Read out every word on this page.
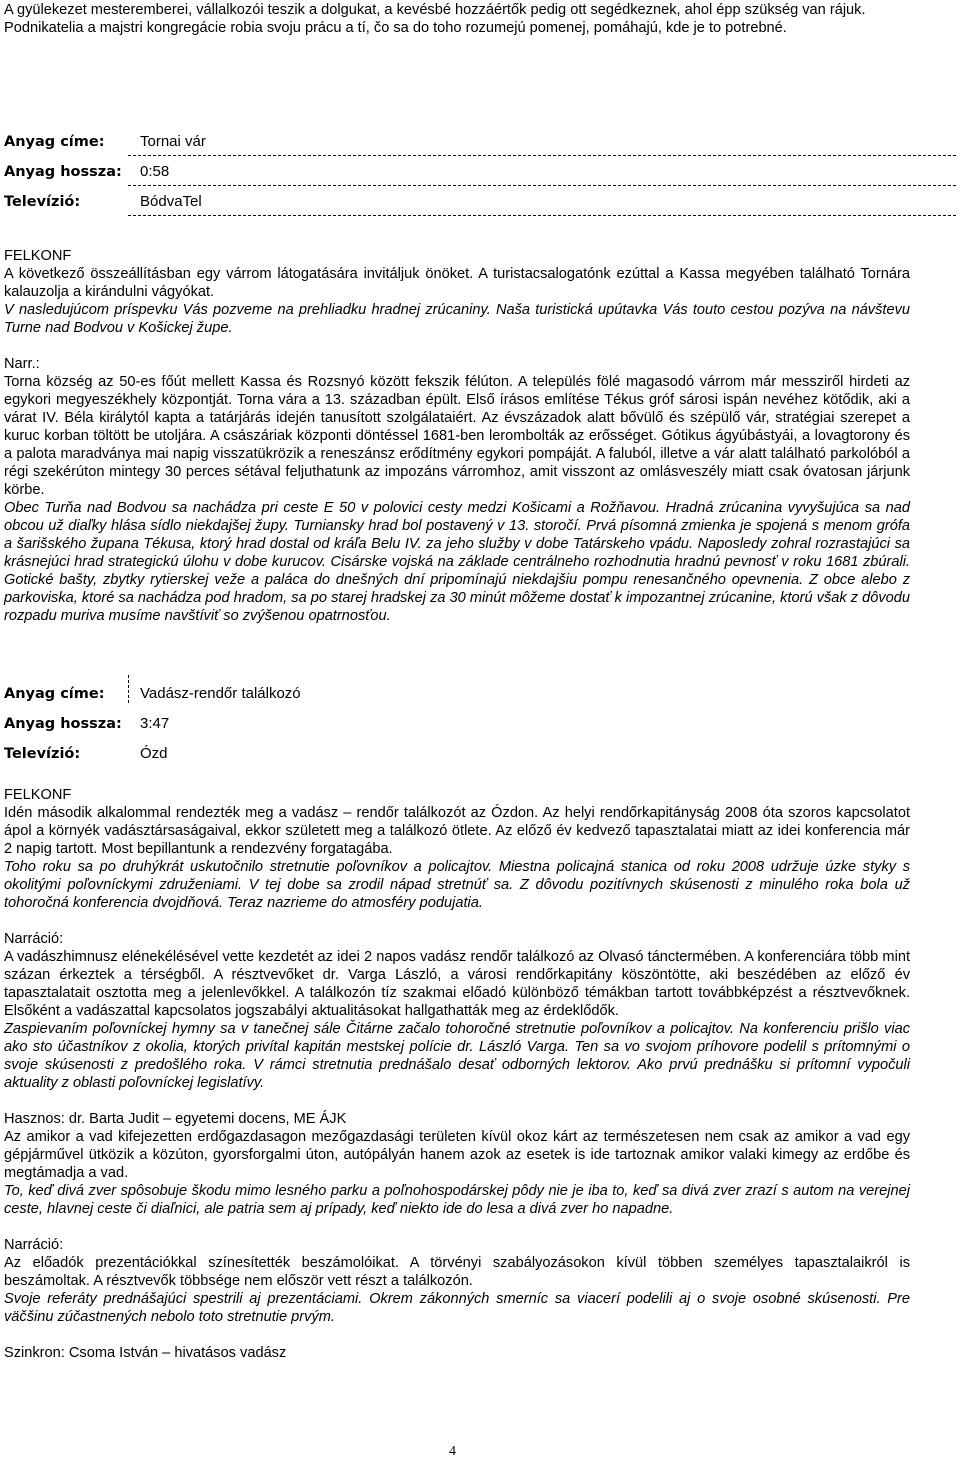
A gyülekezet mesteremberei, vállalkozói teszik a dolgukat, a kevésbé hozzáértők pedig ott segédkeznek, ahol épp szükség van rájuk.

Podnikatelia a majstri kongregácie robia svoju prácu a tí, čo sa do toho rozumejú pomenej, pomáhajú, kde je to potrebné.

Anyag címe: Tornai vár
Anyag hossza: 0:58
Televízió:	BódvaTel

FELKONF

A következő összeállításban egy várrom látogatására invitáljuk önöket. A turistacsalogatónk ezúttal a Kassa megyében található Tornára kalauzolja a kirándulni vágyókat.

V nasledujúcom príspevku Vás pozveme na prehliadku hradnej zrúcaniny. Naša turistická upútavka Vás touto cestou pozýva na návštevu Turne nad Bodvou v Košickej župe.

Narr.:

Torna község az 50-es főút mellett Kassa és Rozsnyó között fekszik félúton. A település fölé magasodó várrom már messziről hirdeti az egykori megyeszékhely központját. Torna vára a 13. században épült. Első írásos említése Tékus gróf sárosi ispán nevéhez kötődik, aki a várat IV. Béla királytól kapta a tatárjárás idején tanusított szolgálataiért. Az évszázadok alatt bővülő és szépülő vár, stratégiai szerepet a kuruc korban töltött be utoljára. A császáriak központi döntéssel 1681-ben lerombolták az erősséget. Gótikus ágyúbástyái, a lovagtorony és a palota maradványa mai napig visszatükrözik a reneszánsz erődítmény egykori pompáját. A faluból, illetve a vár alatt található parkolóból a régi szekérúton mintegy 30 perces sétával feljuthatunk az impozáns várromhoz, amit visszont az omlásveszély miatt csak óvatosan járjunk körbe.

Obec Turňa nad Bodvou sa nachádza pri ceste E 50 v polovici cesty medzi Košicami a Rožňavou. Hradná zrúcanina vyvyšujúca sa nad obcou už diaľky hlása sídlo niekdajšej župy. Turniansky hrad bol postavený v 13. storočí. Prvá písomná zmienka je spojená s menom grófa a šarišského župana Tékusa, ktorý hrad dostal od kráľa Belu IV. za jeho služby v dobe Tatárskeho vpádu. Naposledy zohral rozrastajúci sa krásnejúci hrad strategickú úlohu v dobe kurucov. Cisárske vojská na základe centrálneho rozhodnutia hradnú pevnosť v roku 1681 zbúrali. Gotické bašty, zbytky rytierskej veže a paláca do dnešných dní pripomínajú niekdajšiu pompu renesančného opevnenia. Z obce alebo z parkoviska, ktoré sa nachádza pod hradom, sa po starej hradskej za 30 minút môžeme dostať k impozantnej zrúcanine, ktorú však z dôvodu rozpadu muriva musíme navštíviť so zvýšenou opatrnosťou.

Anyag címe: Vadász-rendőr találkozó
Anyag hossza: 3:47
Televízió:	Ózd

FELKONF

Idén második alkalommal rendezték meg a vadász – rendőr találkozót az Ózdon. Az helyi rendőrkapitányság 2008 óta szoros kapcsolatot ápol a környék vadásztársaságaival, ekkor született meg a találkozó ötlete. Az előző év kedvező tapasztalatai miatt az idei konferencia már 2 napig tartott. Most bepillantunk a rendezvény forgatagába.

Toho roku sa po druhýkrát uskutočnilo stretnutie poľovníkov a policajtov. Miestna policajná stanica od roku 2008 udržuje úzke styky s okolitými poľovníckymi združeniami. V tej dobe sa zrodil nápad stretnúť sa. Z dôvodu pozitívnych skúsenosti z minulého roka bola už tohoročná konferencia dvojdňová. Teraz nazrieme do atmosféry podujatia.

Narráció:

A vadászhimnusz elénekélésével vette kezdetét az idei 2 napos vadász rendőr találkozó az Olvasó tánctermében. A konferenciára több mint százan érkeztek a térségből. A résztvevőket dr. Varga László, a városi rendőrkapitány köszöntötte, aki beszédében az előző év tapasztalatait osztotta meg a jelenlevőkkel. A találkozón tíz szakmai előadó különböző témákban tartott továbbképzést a résztvevőknek. Elsőként a vadászattal kapcsolatos jogszabályi aktualitásokat hallgathatták meg az érdeklődők.

Zaspievaním poľovníckej hymny sa v tanečnej sále Čitárne začalo tohoročné stretnutie poľovníkov a policajtov. Na konferenciu prišlo viac ako sto účastníkov z okolia, ktorých privítal kapitán mestskej polície dr. László Varga. Ten sa vo svojom príhovore podelil s prítomnými o svoje skúsenosti z predošlého roka. V rámci stretnutia prednášalo desať odborných lektorov. Ako prvú prednášku si prítomní vypočuli aktuality z oblasti poľovníckej legislatívy.

Hasznos: dr. Barta Judit – egyetemi docens, ME ÁJK

Az amikor a vad kifejezetten erdőgazdasagon mezőgazdasági területen kívül okoz kárt az természetesen nem csak az amikor a vad egy gépjárművel ütközik a közúton, gyorsforgalmi úton, autópályán hanem azok az esetek is ide tartoznak amikor valaki kimegy az erdőbe és megtámadja a vad.

To, keď divá zver spôsobuje škodu mimo lesného parku a poľnohospodárskej pôdy nie je iba to, keď sa divá zver zrazí s autom na verejnej ceste, hlavnej ceste či diaľnici, ale patria sem aj prípady, keď niekto ide do lesa a divá zver ho napadne.

Narráció:

Az előadók prezentációkkal színesítették beszámolóikat. A törvényi szabályozásokon kívül többen személyes tapasztalaikról is beszámoltak. A résztvevők többsége nem először vett részt a találkozón.

Svoje referáty prednášajúci spestrili aj prezentáciami. Okrem zákonných smerníc sa viacerí podelili aj o svoje osobné skúsenosti. Pre väčšinu zúčastnených nebolo toto stretnutie prvým.

Szinkron: Csoma István – hivatásos vadász

4
